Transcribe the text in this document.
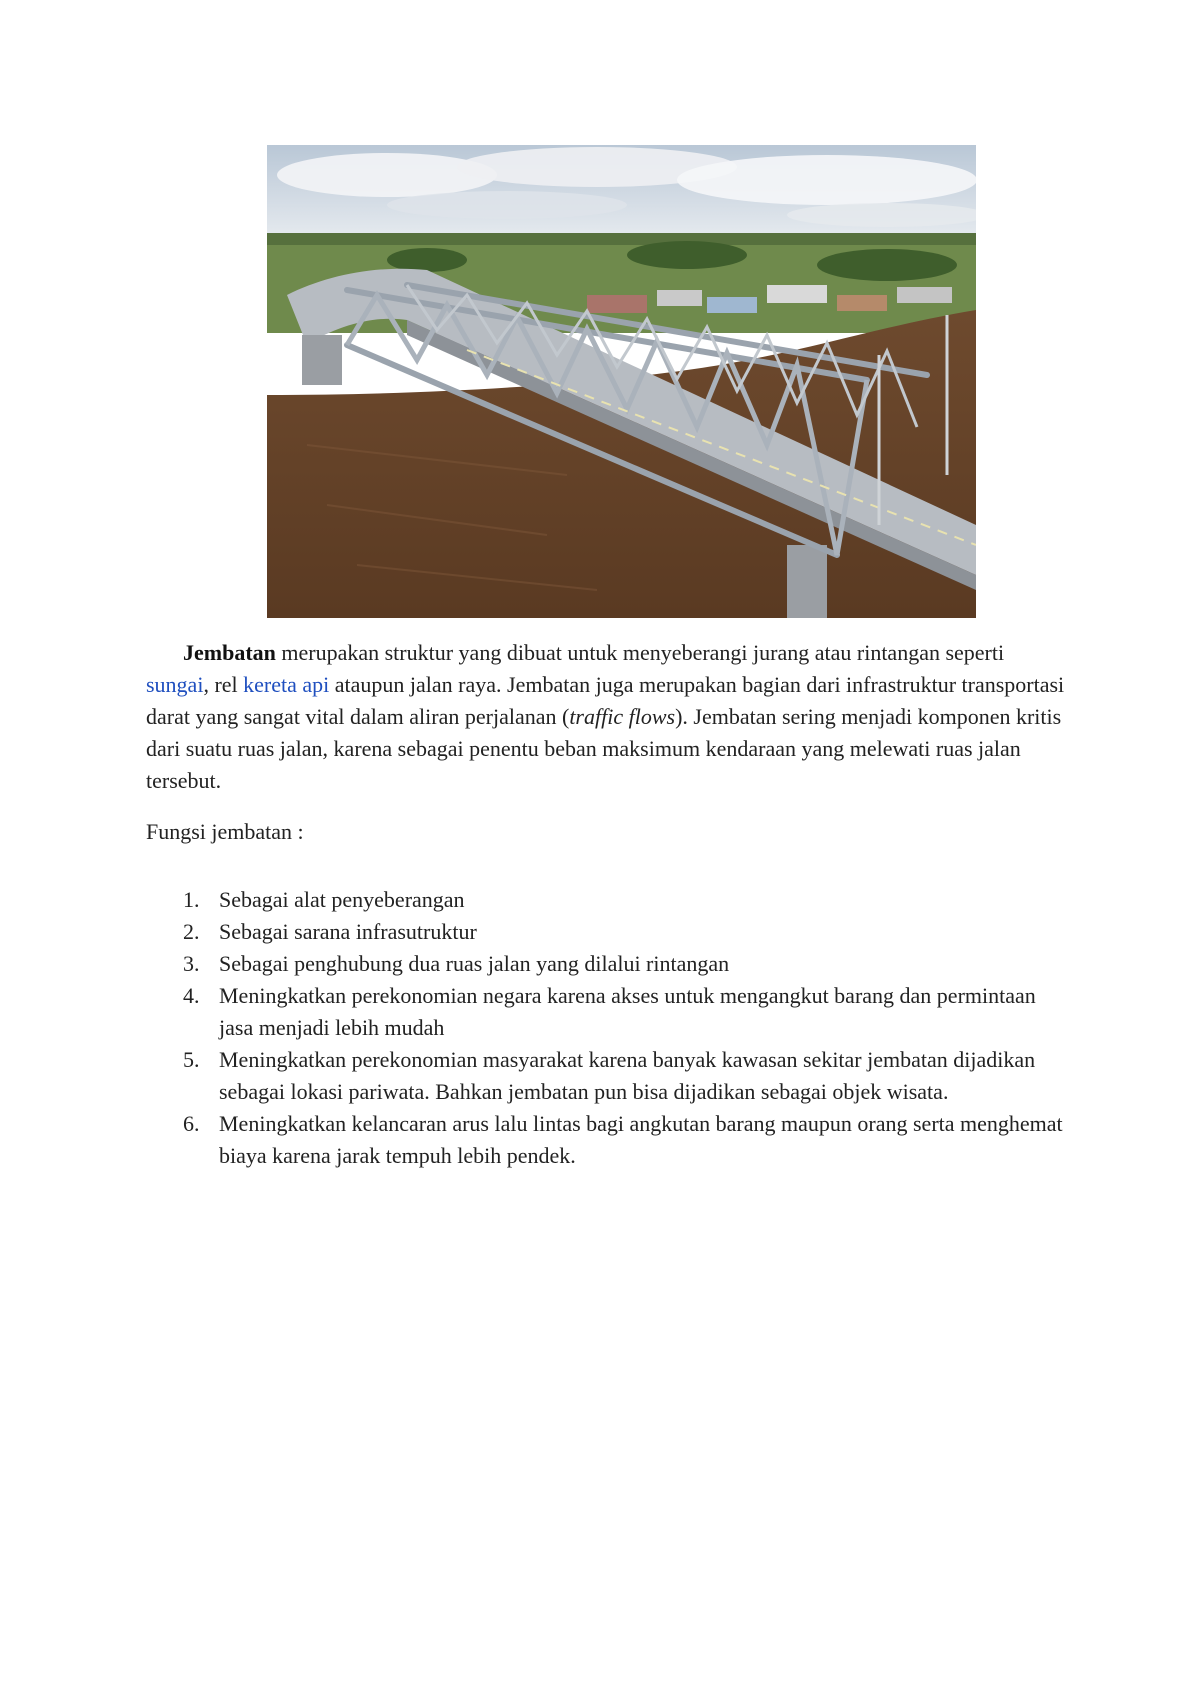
Jembatan merupakan struktur yang dibuat untuk menyeberangi jurang atau rintangan seperti sungai, rel kereta api ataupun jalan raya. Jembatan juga merupakan bagian dari infrastruktur transportasi darat yang sangat vital dalam aliran perjalanan (traffic flows). Jembatan sering menjadi komponen kritis dari suatu ruas jalan, karena sebagai penentu beban maksimum kendaraan yang melewati ruas jalan tersebut.

Fungsi jembatan :

1. Sebagai alat penyeberangan
2. Sebagai sarana infrasutruktur
3. Sebagai penghubung dua ruas jalan yang dilalui rintangan
4. Meningkatkan perekonomian negara karena akses untuk mengangkut barang dan permintaan jasa menjadi lebih mudah
5. Meningkatkan perekonomian masyarakat karena banyak kawasan sekitar jembatan dijadikan sebagai lokasi pariwata. Bahkan jembatan pun bisa dijadikan sebagai objek wisata.
6. Meningkatkan kelancaran arus lalu lintas bagi angkutan barang maupun orang serta menghemat biaya karena jarak tempuh lebih pendek.
